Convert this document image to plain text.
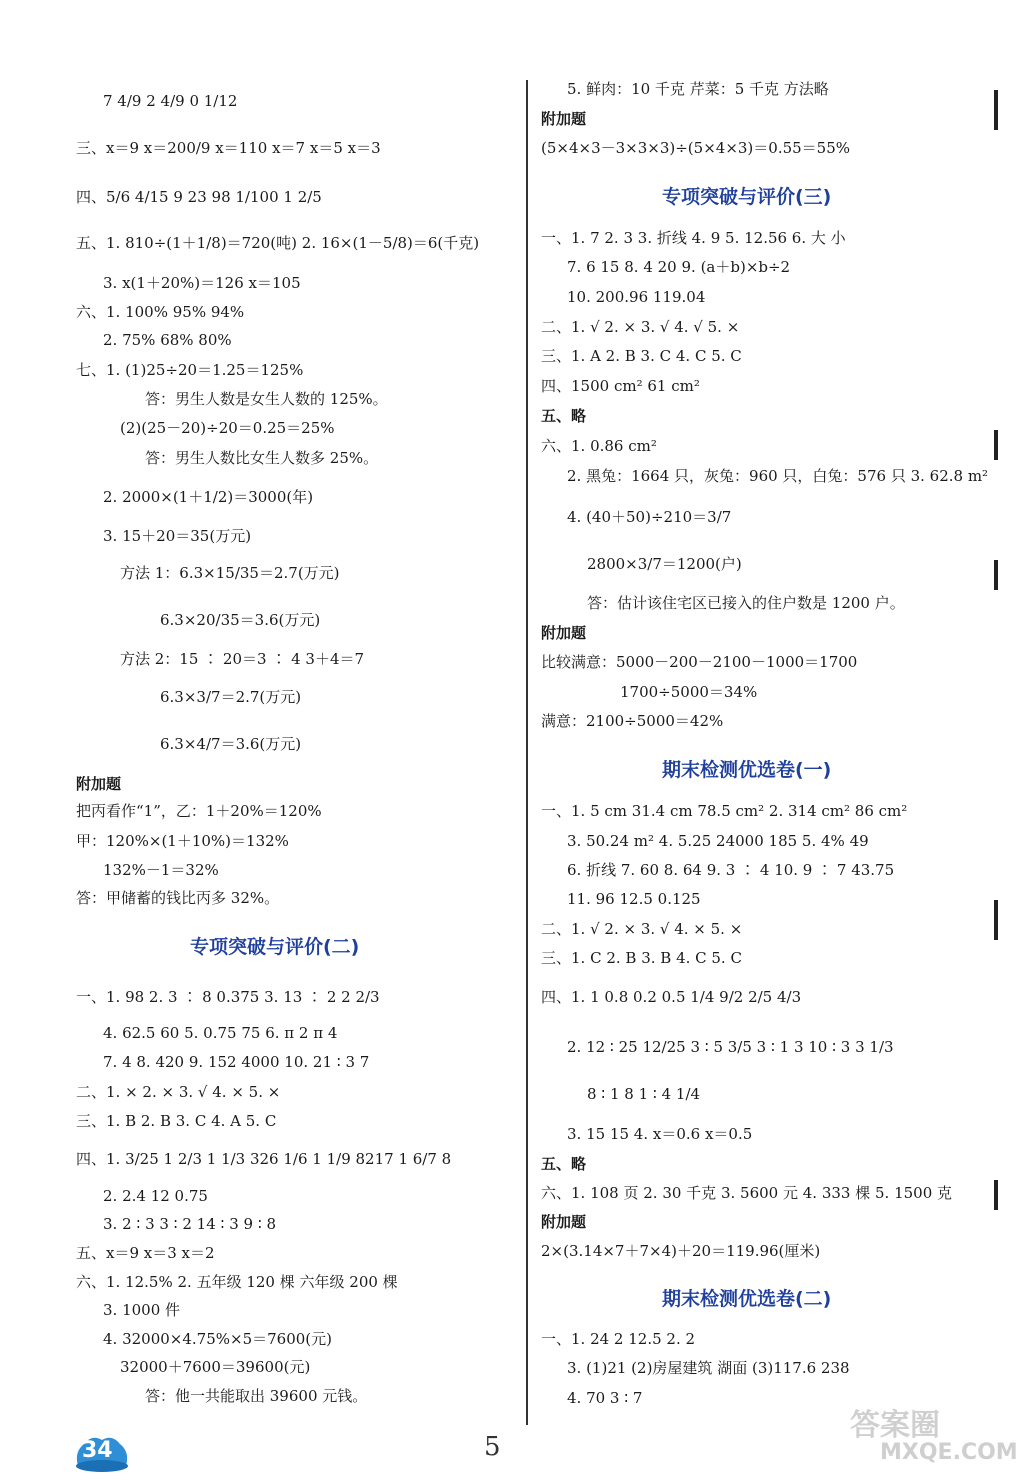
7 4/9 2 4/9 0 1/12
三、x＝9 x＝200/9 x＝110 x＝7 x＝5 x＝3
四、5/6 4/15 9 23 98 1/100 1 2/5
五、1. 810÷(1＋1/8)＝720(吨) 2. 16×(1－5/8)＝6(千克)
3. x(1＋20%)＝126 x＝105
六、1. 100% 95% 94%
2. 75% 68% 80%
七、1. (1)25÷20＝1.25＝125%
答：男生人数是女生人数的 125%。
(2)(25－20)÷20＝0.25＝25%
答：男生人数比女生人数多 25%。
2. 2000×(1＋1/2)＝3000(年)
3. 15＋20＝35(万元)
方法 1：6.3×15/35＝2.7(万元)
6.3×20/35＝3.6(万元)
方法 2：15 ∶ 20＝3 ∶ 4 3＋4＝7
6.3×3/7＝2.7(万元)
6.3×4/7＝3.6(万元)
附加题
把丙看作“1”，乙：1＋20%＝120%
甲：120%×(1＋10%)＝132%
132%－1＝32%
答：甲储蓄的钱比丙多 32%。
专项突破与评价(二)
一、1. 98 2. 3 ∶ 8 0.375 3. 13 ∶ 2 2 2/3
4. 62.5 60 5. 0.75 75 6. π 2 π 4
7. 4 8. 420 9. 152 4000 10. 21 ∶ 3 7
二、1. × 2. × 3. √ 4. × 5. ×
三、1. B 2. B 3. C 4. A 5. C
四、1. 3/25 1 2/3 1 1/3 326 1/6 1 1/9 8217 1 6/7 8
2. 2.4 12 0.75
3. 2 ∶ 3 3 ∶ 2 14 ∶ 3 9 ∶ 8
五、x＝9 x＝3 x＝2
六、1. 12.5% 2. 五年级 120 棵 六年级 200 棵
3. 1000 件
4. 32000×4.75%×5＝7600(元)
32000＋7600＝39600(元)
答：他一共能取出 39600 元钱。
5. 鲜肉：10 千克 芹菜：5 千克 方法略
附加题
(5×4×3－3×3×3)÷(5×4×3)＝0.55＝55%
专项突破与评价(三)
一、1. 7 2. 3 3. 折线 4. 9 5. 12.56 6. 大 小
7. 6 15 8. 4 20 9. (a＋b)×b÷2
10. 200.96 119.04
二、1. √ 2. × 3. √ 4. √ 5. ×
三、1. A 2. B 3. C 4. C 5. C
四、1500 cm² 61 cm²
五、略
六、1. 0.86 cm²
2. 黑兔：1664 只，灰兔：960 只，白兔：576 只 3. 62.8 m²
4. (40＋50)÷210＝3/7
2800×3/7＝1200(户)
答：估计该住宅区已接入的住户数是 1200 户。
附加题
比较满意：5000－200－2100－1000＝1700
1700÷5000＝34%
满意：2100÷5000＝42%
期末检测优选卷(一)
一、1. 5 cm 31.4 cm 78.5 cm² 2. 314 cm² 86 cm²
3. 50.24 m² 4. 5.25 24000 185 5. 4% 49
6. 折线 7. 60 8. 64 9. 3 ∶ 4 10. 9 ∶ 7 43.75
11. 96 12.5 0.125
二、1. √ 2. × 3. √ 4. × 5. ×
三、1. C 2. B 3. B 4. C 5. C
四、1. 1 0.8 0.2 0.5 1/4 9/2 2/5 4/3
2. 12 ∶ 25 12/25 3 ∶ 5 3/5 3 ∶ 1 3 10 ∶ 3 3 1/3
8 ∶ 1 8 1 ∶ 4 1/4
3. 15 15 4. x＝0.6 x＝0.5
五、略
六、1. 108 页 2. 30 千克 3. 5600 元 4. 333 棵 5. 1500 克
附加题
2×(3.14×7＋7×4)＋20＝119.96(厘米)
期末检测优选卷(二)
一、1. 24 2 12.5 2. 2
3. (1)21 (2)房屋建筑 湖面 (3)117.6 238
4. 70 3 ∶ 7
34	5
答案圈
MXQE.COM
